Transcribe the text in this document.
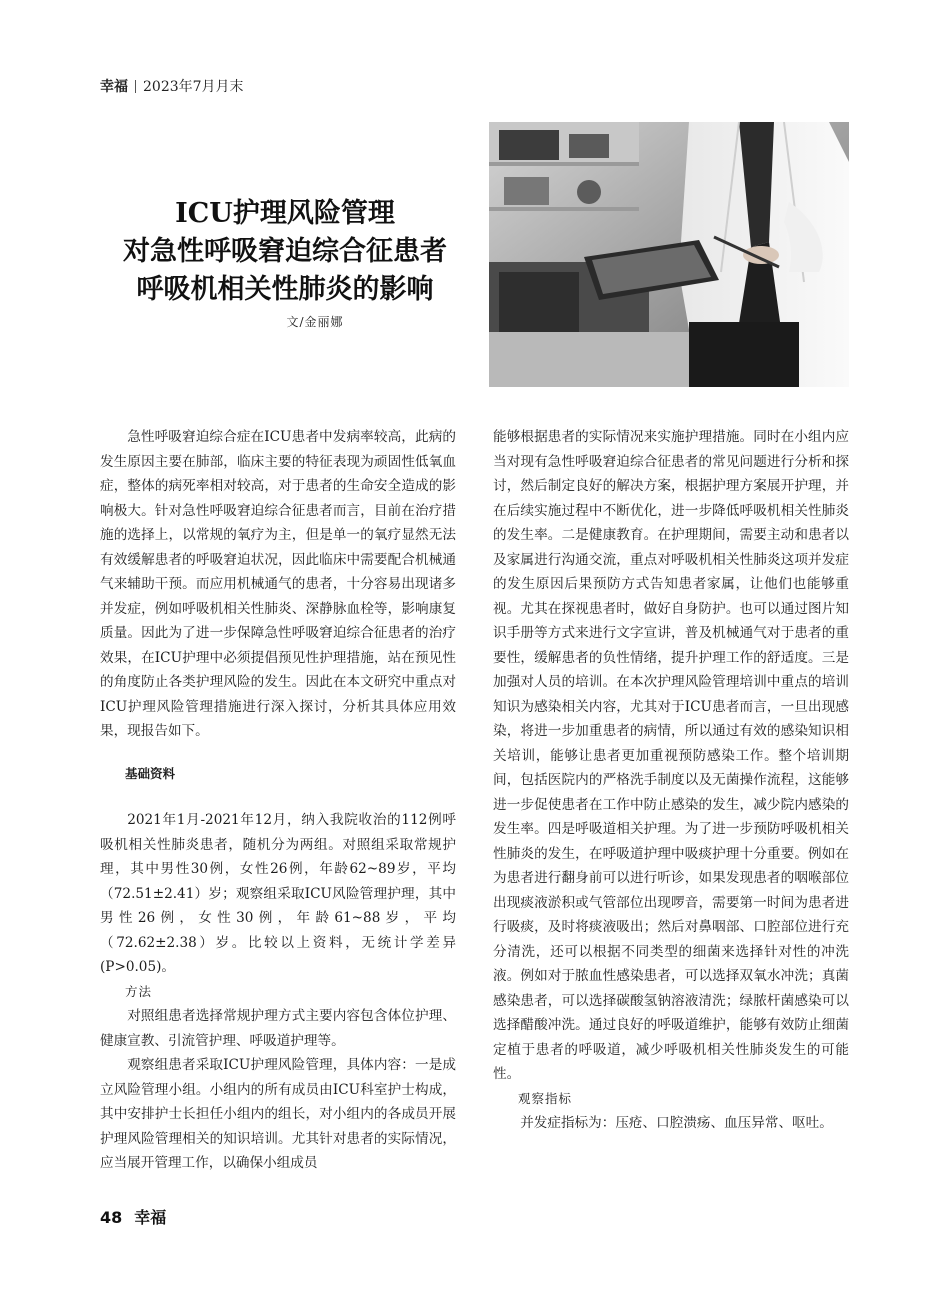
幸福 2023年7月月末
ICU护理风险管理
对急性呼吸窘迫综合征患者
呼吸机相关性肺炎的影响
文/金丽娜

急性呼吸窘迫综合症在ICU患者中发病率较高，此病的发生原因主要在肺部，临床主要的特征表现为顽固性低氧血症，整体的病死率相对较高，对于患者的生命安全造成的影响极大。针对急性呼吸窘迫综合征患者而言，目前在治疗措施的选择上，以常规的氧疗为主，但是单一的氧疗显然无法有效缓解患者的呼吸窘迫状况，因此临床中需要配合机械通气来辅助干预。而应用机械通气的患者，十分容易出现诸多并发症，例如呼吸机相关性肺炎、深静脉血栓等，影响康复质量。因此为了进一步保障急性呼吸窘迫综合征患者的治疗效果，在ICU护理中必须提倡预见性护理措施，站在预见性的角度防止各类护理风险的发生。因此在本文研究中重点对ICU护理风险管理措施进行深入探讨，分析其具体应用效果，现报告如下。

基础资料

2021年1月-2021年12月，纳入我院收治的112例呼吸机相关性肺炎患者，随机分为两组。对照组采取常规护理，其中男性30例，女性26例，年龄62~89岁，平均（72.51±2.41）岁；观察组采取ICU风险管理护理，其中男性26例，女性30例，年龄61~88岁，平均（72.62±2.38）岁。比较以上资料，无统计学差异(P>0.05)。

方法

对照组患者选择常规护理方式主要内容包含体位护理、健康宣教、引流管护理、呼吸道护理等。

观察组患者采取ICU护理风险管理，具体内容：一是成立风险管理小组。小组内的所有成员由ICU科室护士构成，其中安排护士长担任小组内的组长，对小组内的各成员开展护理风险管理相关的知识培训。尤其针对患者的实际情况，应当展开管理工作，以确保小组成员

能够根据患者的实际情况来实施护理措施。同时在小组内应当对现有急性呼吸窘迫综合征患者的常见问题进行分析和探讨，然后制定良好的解决方案，根据护理方案展开护理，并在后续实施过程中不断优化，进一步降低呼吸机相关性肺炎的发生率。二是健康教育。在护理期间，需要主动和患者以及家属进行沟通交流，重点对呼吸机相关性肺炎这项并发症的发生原因后果预防方式告知患者家属，让他们也能够重视。尤其在探视患者时，做好自身防护。也可以通过图片知识手册等方式来进行文字宣讲，普及机械通气对于患者的重要性，缓解患者的负性情绪，提升护理工作的舒适度。三是加强对人员的培训。在本次护理风险管理培训中重点的培训知识为感染相关内容，尤其对于ICU患者而言，一旦出现感染，将进一步加重患者的病情，所以通过有效的感染知识相关培训，能够让患者更加重视预防感染工作。整个培训期间，包括医院内的严格洗手制度以及无菌操作流程，这能够进一步促使患者在工作中防止感染的发生，减少院内感染的发生率。四是呼吸道相关护理。为了进一步预防呼吸机相关性肺炎的发生，在呼吸道护理中吸痰护理十分重要。例如在为患者进行翻身前可以进行听诊，如果发现患者的咽喉部位出现痰液淤积或气管部位出现啰音，需要第一时间为患者进行吸痰，及时将痰液吸出；然后对鼻咽部、口腔部位进行充分清洗，还可以根据不同类型的细菌来选择针对性的冲洗液。例如对于脓血性感染患者，可以选择双氧水冲洗；真菌感染患者，可以选择碳酸氢钠溶液清洗；绿脓杆菌感染可以选择醋酸冲洗。通过良好的呼吸道维护，能够有效防止细菌定植于患者的呼吸道，减少呼吸机相关性肺炎发生的可能性。

观察指标

并发症指标为：压疮、口腔溃疡、血压异常、呕吐。

48 幸福
